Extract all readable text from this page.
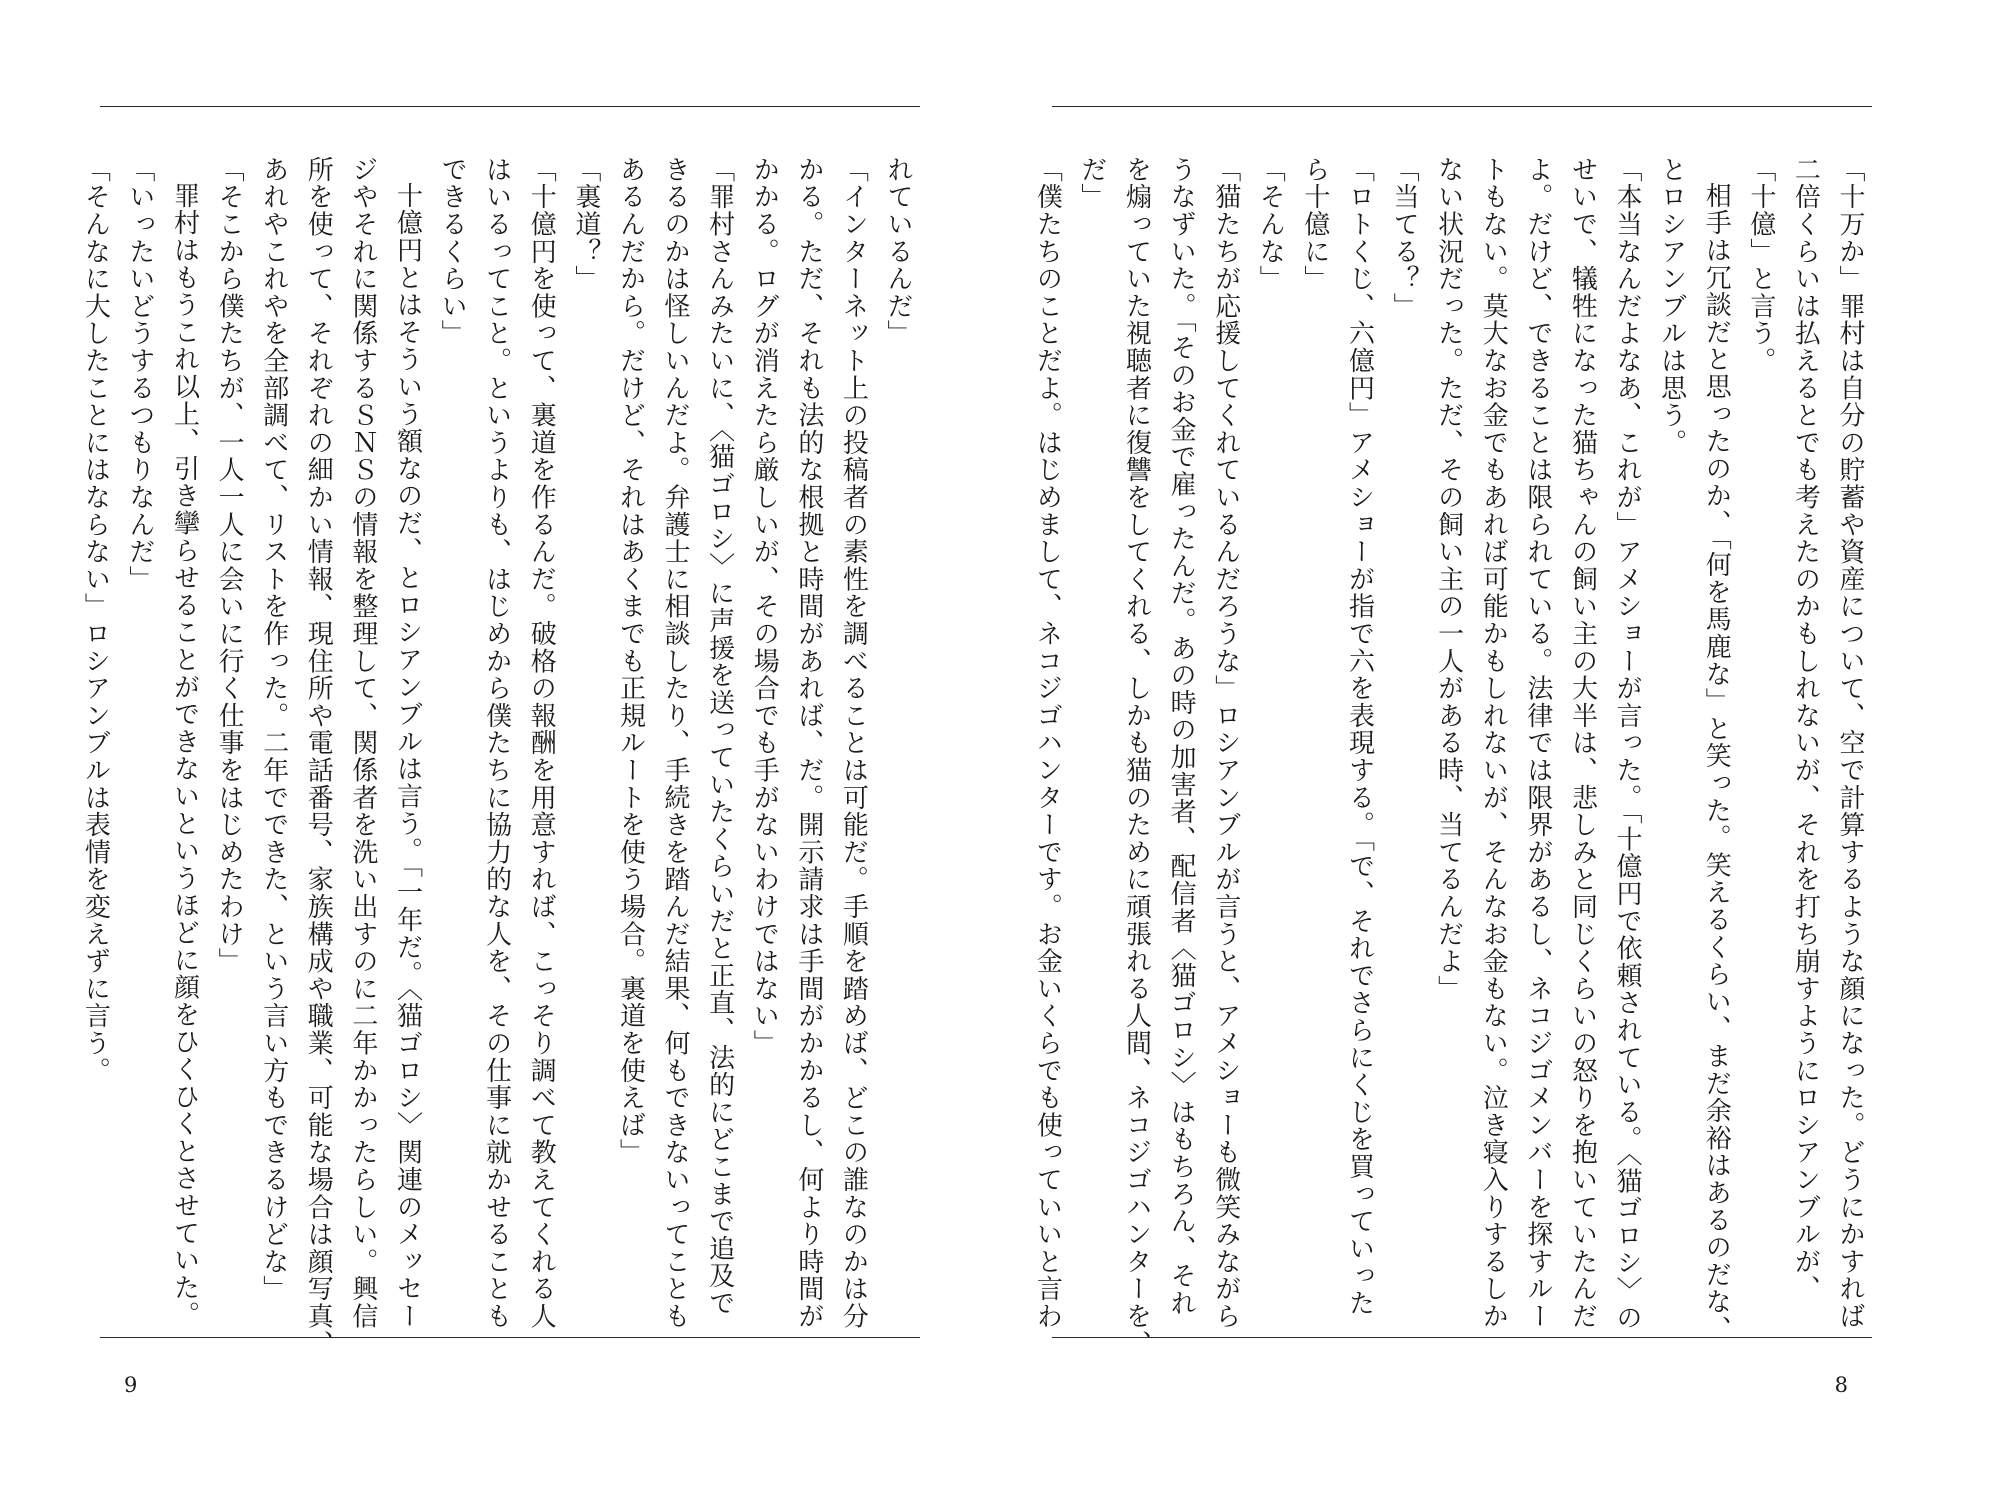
れているんだ」
「インターネット上の投稿者の素性を調べることは可能だ。手順を踏めば、どこの誰なのかは分
かる。ただ、それも法的な根拠と時間があれば、だ。開示請求は手間がかかるし、何より時間が
かかる。ログが消えたら厳しいが、その場合でも手がないわけではない」
「罪村さんみたいに、〈猫ゴロシ〉に声援を送っていたくらいだと正直、法的にどこまで追及で
きるのかは怪しいんだよ。弁護士に相談したり、手続きを踏んだ結果、何もできないってことも
あるんだから。だけど、それはあくまでも正規ルートを使う場合。裏道を使えば」
「裏道？」
「十億円を使って、裏道を作るんだ。破格の報酬を用意すれば、こっそり調べて教えてくれる人
はいるってこと。というよりも、はじめから僕たちに協力的な人を、その仕事に就かせることも
できるくらい」
十億円とはそういう額なのだ、とロシアンブルは言う。「一年だ。〈猫ゴロシ〉関連のメッセー
ジやそれに関係するＳＮＳの情報を整理して、関係者を洗い出すのに二年かかったらしい。興信
所を使って、それぞれの細かい情報、現住所や電話番号、家族構成や職業、可能な場合は顔写真、
あれやこれやを全部調べて、リストを作った。二年でできた、という言い方もできるけどな」
「そこから僕たちが、一人一人に会いに行く仕事をはじめたわけ」
罪村はもうこれ以上、引き攣らせることができないというほどに顔をひくひくとさせていた。
「いったいどうするつもりなんだ」
「そんなに大したことにはならない」ロシアンブルは表情を変えずに言う。
9
「十万か」罪村は自分の貯蓄や資産について、空で計算するような顔になった。どうにかすれば
二倍くらいは払えるとでも考えたのかもしれないが、それを打ち崩すようにロシアンブルが、
「十億」と言う。
相手は冗談だと思ったのか、「何を馬鹿な」と笑った。笑えるくらい、まだ余裕はあるのだな、
とロシアンブルは思う。
「本当なんだよなあ、これが」アメショーが言った。「十億円で依頼されている。〈猫ゴロシ〉の
せいで、犠牲になった猫ちゃんの飼い主の大半は、悲しみと同じくらいの怒りを抱いていたんだ
よ。だけど、できることは限られている。法律では限界があるし、ネコジゴメンバーを探すルー
トもない。莫大なお金でもあれば可能かもしれないが、そんなお金もない。泣き寝入りするしか
ない状況だった。ただ、その飼い主の一人がある時、当てるんだよ」
「当てる？」
「ロトくじ、六億円」アメショーが指で六を表現する。「で、それでさらにくじを買っていった
ら十億に」
「そんな」
「猫たちが応援してくれているんだろうな」ロシアンブルが言うと、アメショーも微笑みながら
うなずいた。「そのお金で雇ったんだ。あの時の加害者、配信者〈猫ゴロシ〉はもちろん、それ
を煽っていた視聴者に復讐をしてくれる、しかも猫のために頑張れる人間、ネコジゴハンターを、
だ」
「僕たちのことだよ。はじめまして、ネコジゴハンターです。お金いくらでも使っていいと言わ
8
